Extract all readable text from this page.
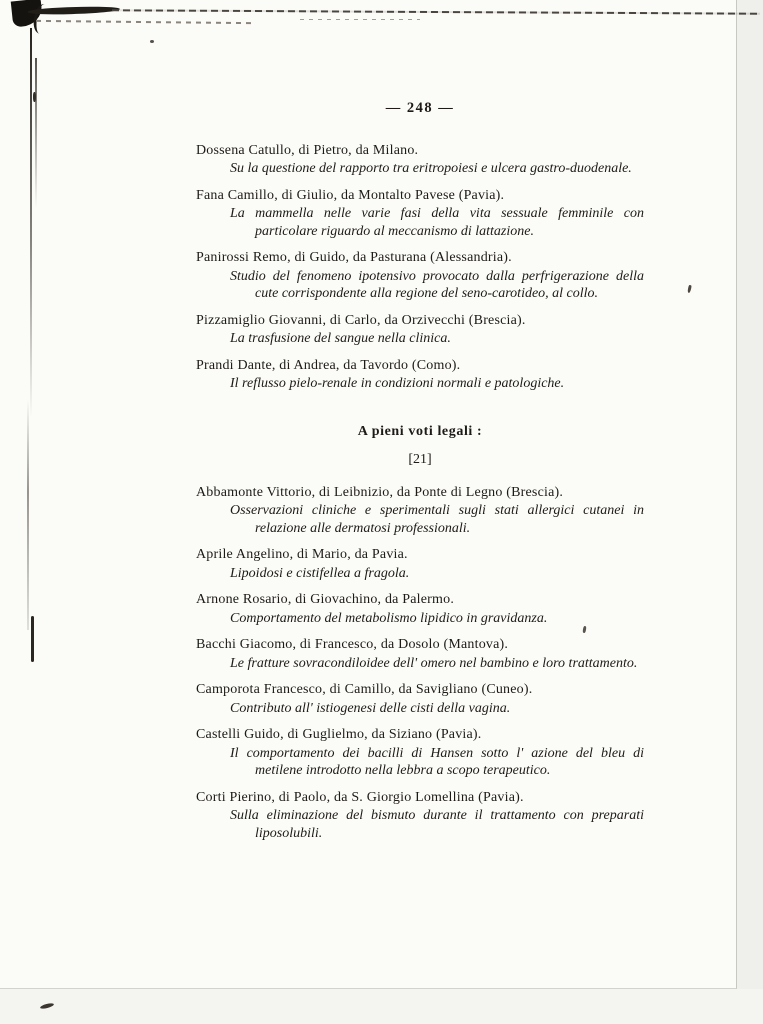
— 248 —

Dossena Catullo, di Pietro, da Milano.

Su la questione del rapporto tra eritropoiesi e ulcera gastro-duodenale.

Fana Camillo, di Giulio, da Montalto Pavese (Pavia).

La mammella nelle varie fasi della vita sessuale femminile con particolare riguardo al meccanismo di lattazione.

Panirossi Remo, di Guido, da Pasturana (Alessandria).

Studio del fenomeno ipotensivo provocato dalla perfrigerazione della cute corrispondente alla regione del seno-carotideo, al collo.

Pizzamiglio Giovanni, di Carlo, da Orzivecchi (Brescia).

La trasfusione del sangue nella clinica.

Prandi Dante, di Andrea, da Tavordo (Como).

Il reflusso pielo-renale in condizioni normali e patologiche.

A pieni voti legali :

[21]

Abbamonte Vittorio, di Leibnizio, da Ponte di Legno (Brescia).

Osservazioni cliniche e sperimentali sugli stati allergici cutanei in relazione alle dermatosi professionali.

Aprile Angelino, di Mario, da Pavia.

Lipoidosi e cistifellea a fragola.

Arnone Rosario, di Giovachino, da Palermo.

Comportamento del metabolismo lipidico in gravidanza.

Bacchi Giacomo, di Francesco, da Dosolo (Mantova).

Le fratture sovracondiloidee dell' omero nel bambino e loro trattamento.

Camporota Francesco, di Camillo, da Savigliano (Cuneo).

Contributo all' istiogenesi delle cisti della vagina.

Castelli Guido, di Guglielmo, da Siziano (Pavia).

Il comportamento dei bacilli di Hansen sotto l' azione del bleu di metilene introdotto nella lebbra a scopo terapeutico.

Corti Pierino, di Paolo, da S. Giorgio Lomellina (Pavia).

Sulla eliminazione del bismuto durante il trattamento con preparati liposolubili.
